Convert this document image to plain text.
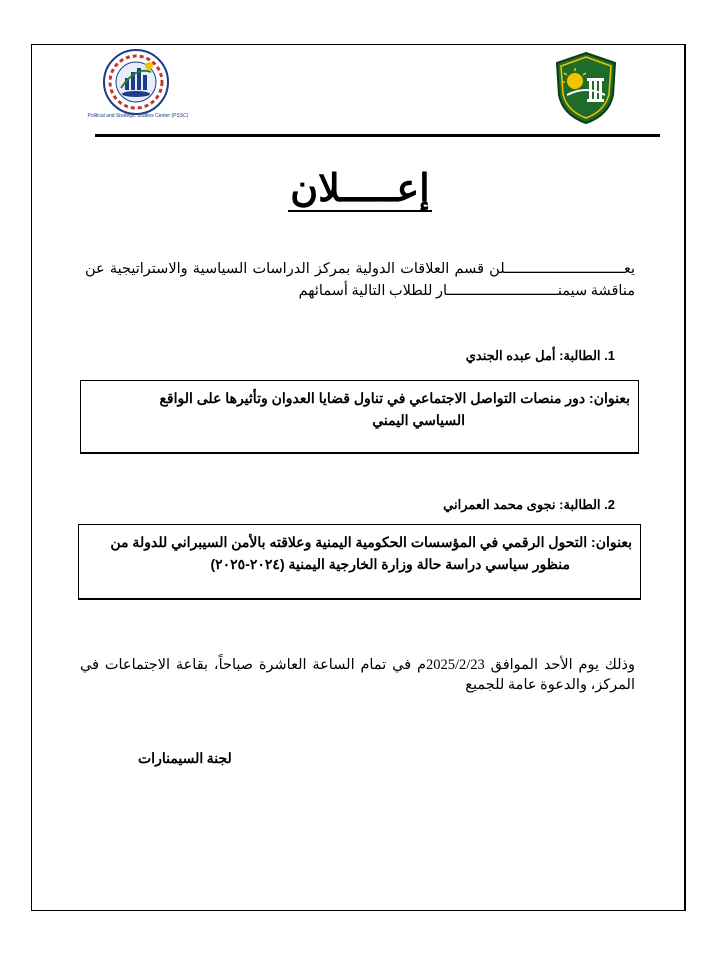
Political and Strategic Studies Center (PSSC)
إعـــــلان
يعــــــــــــــــــــــــــــلن قسم العلاقات الدولية بمركز الدراسات السياسية والاستراتيجية عن مناقشة سيمنــــــــــــــــــــــــــار للطلاب التالية أسمائهم
1. الطالبة: أمل عبده الجندي
بعنوان: دور منصات التواصل الاجتماعي في تناول قضايا العدوان وتأثيرها على الواقع
السياسي اليمني
2. الطالبة: نجوى محمد العمراني
بعنوان: التحول الرقمي في المؤسسات الحكومية اليمنية وعلاقته بالأمن السيبراني للدولة من
منظور سياسي دراسة حالة وزارة الخارجية اليمنية (٢٠٢٤-٢٠٢٥)
وذلك يوم الأحد الموافق 2025/2/23م في تمام الساعة العاشرة صباحاً، بقاعة الاجتماعات في المركز، والدعوة عامة للجميع
لجنة السيمنارات
